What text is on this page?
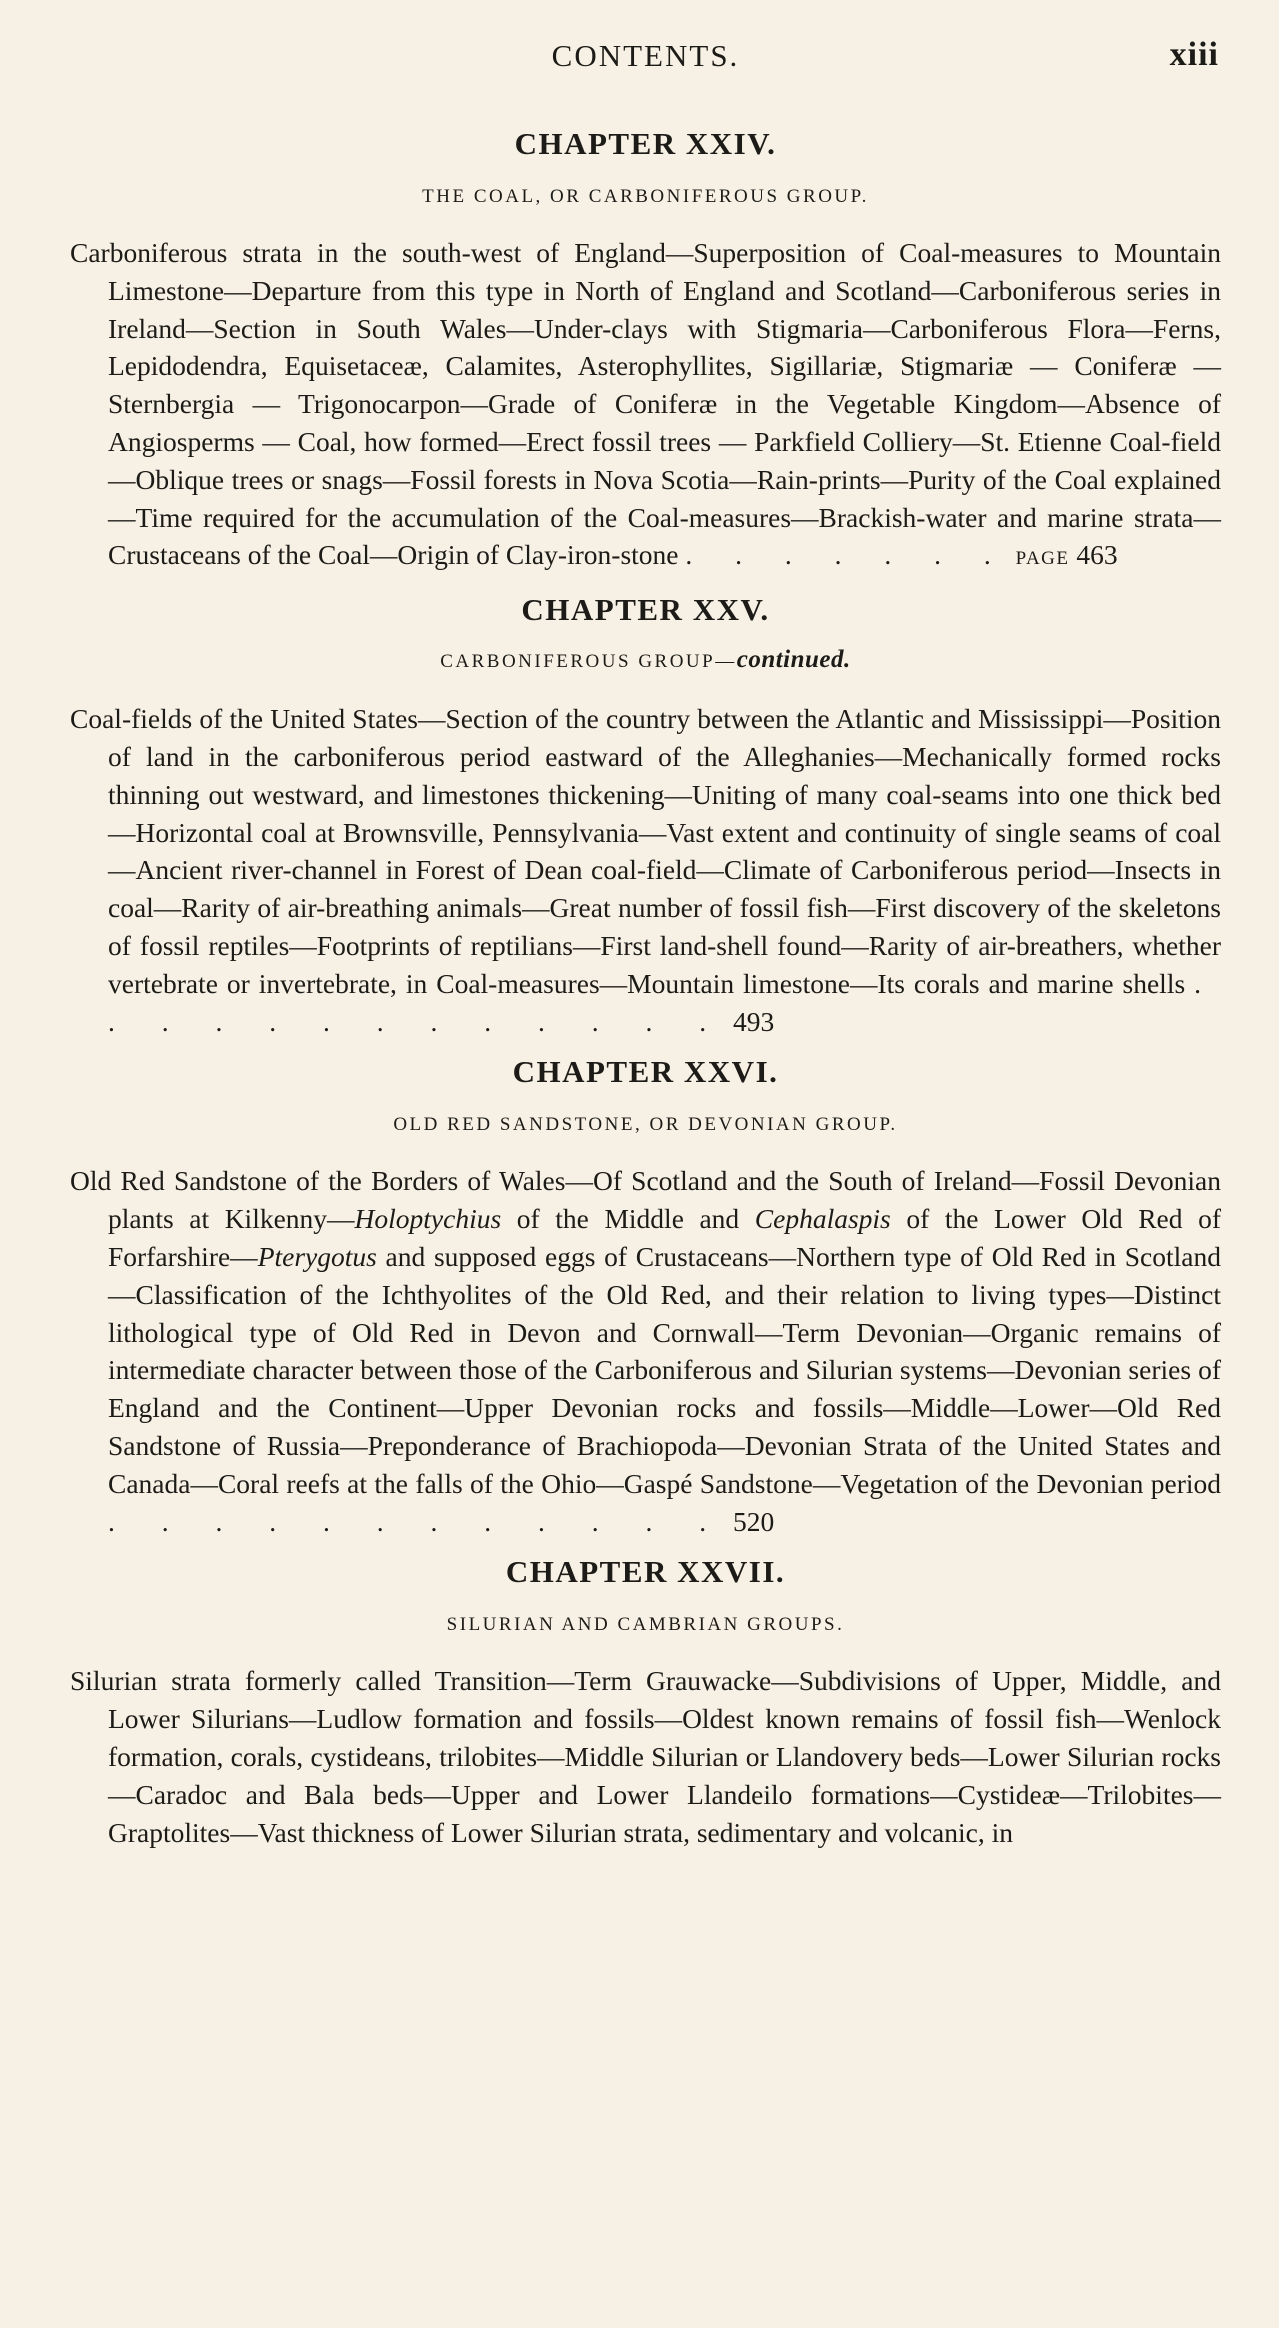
CONTENTS.	xiii
CHAPTER XXIV.

THE COAL, OR CARBONIFEROUS GROUP.

Carboniferous strata in the south-west of England—Superposition of Coal-measures to Mountain Limestone—Departure from this type in North of England and Scotland—Carboniferous series in Ireland—Section in South Wales—Under-clays with Stigmaria—Carboniferous Flora—Ferns, Lepidodendra, Equisetaceæ, Calamites, Asterophyllites, Sigillariæ, Stigmariæ — Coniferæ — Sternbergia — Trigonocarpon—Grade of Coniferæ in the Vegetable Kingdom—Absence of Angiosperms — Coal, how formed—Erect fossil trees — Parkfield Colliery—St. Etienne Coal-field—Oblique trees or snags—Fossil forests in Nova Scotia—Rain-prints—Purity of the Coal explained—Time required for the accumulation of the Coal-measures—Brackish-water and marine strata—Crustaceans of the Coal—Origin of Clay-iron-stone . . . . . . . PAGE 463

CHAPTER XXV.

CARBONIFEROUS GROUP—continued.

Coal-fields of the United States—Section of the country between the Atlantic and Mississippi—Position of land in the carboniferous period eastward of the Alleghanies—Mechanically formed rocks thinning out westward, and limestones thickening—Uniting of many coal-seams into one thick bed—Horizontal coal at Brownsville, Pennsylvania—Vast extent and continuity of single seams of coal—Ancient river-channel in Forest of Dean coal-field—Climate of Carboniferous period—Insects in coal—Rarity of air-breathing animals—Great number of fossil fish—First discovery of the skeletons of fossil reptiles—Footprints of reptilians—First land-shell found—Rarity of air-breathers, whether vertebrate or invertebrate, in Coal-measures—Mountain limestone—Its corals and marine shells . . . . . . . . . . . . . 493

CHAPTER XXVI.

OLD RED SANDSTONE, OR DEVONIAN GROUP.

Old Red Sandstone of the Borders of Wales—Of Scotland and the South of Ireland—Fossil Devonian plants at Kilkenny—Holoptychius of the Middle and Cephalaspis of the Lower Old Red of Forfarshire—Pterygotus and supposed eggs of Crustaceans—Northern type of Old Red in Scotland—Classification of the Ichthyolites of the Old Red, and their relation to living types—Distinct lithological type of Old Red in Devon and Cornwall—Term Devonian—Organic remains of intermediate character between those of the Carboniferous and Silurian systems—Devonian series of England and the Continent—Upper Devonian rocks and fossils—Middle—Lower—Old Red Sandstone of Russia—Preponderance of Brachiopoda—Devonian Strata of the United States and Canada—Coral reefs at the falls of the Ohio—Gaspé Sandstone—Vegetation of the Devonian period . . . . . . . . . . . . 520

CHAPTER XXVII.

SILURIAN AND CAMBRIAN GROUPS.

Silurian strata formerly called Transition—Term Grauwacke—Subdivisions of Upper, Middle, and Lower Silurians—Ludlow formation and fossils—Oldest known remains of fossil fish—Wenlock formation, corals, cystideans, trilobites—Middle Silurian or Llandovery beds—Lower Silurian rocks—Caradoc and Bala beds—Upper and Lower Llandeilo formations—Cystideæ—Trilobites—Graptolites—Vast thickness of Lower Silurian strata, sedimentary and volcanic, in
